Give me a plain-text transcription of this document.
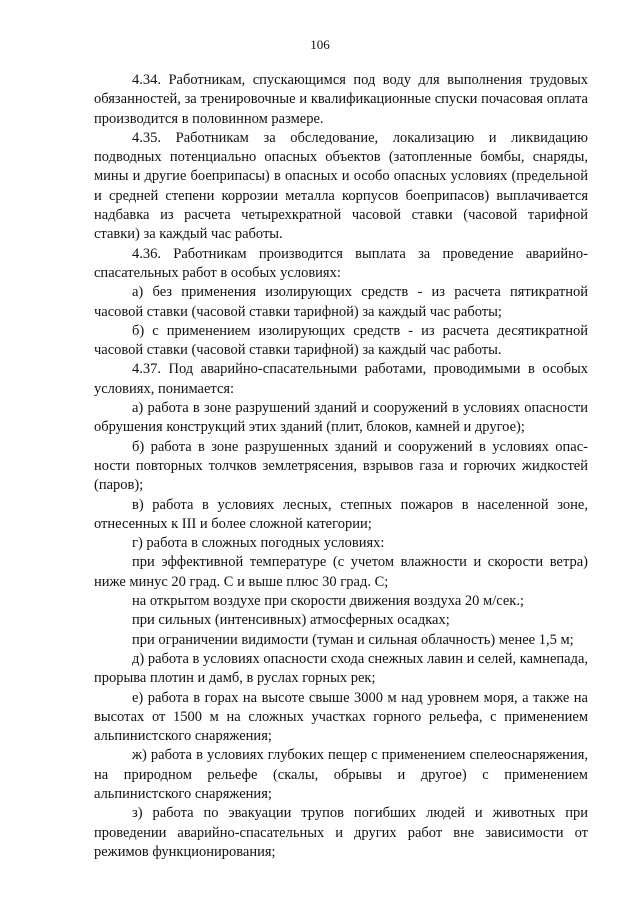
106

4.34. Работникам, спускающимся под воду для выполнения трудовых обязанностей, за тренировочные и квалификационные спуски почасовая оплата производится в половинном размере.

4.35. Работникам за обследование, локализацию и ликвидацию подводных потенциально опасных объектов (затопленные бомбы, снаряды, мины и другие боеприпасы) в опасных и особо опасных условиях (предельной и средней степени коррозии металла корпусов боеприпасов) выплачивается надбавка из расчета четырехкратной часовой ставки (часовой тарифной ставки) за каждый час работы.

4.36. Работникам производится выплата за проведение аварийно-спасательных работ в особых условиях:

а) без применения изолирующих средств - из расчета пятикратной часовой ставки (часовой ставки тарифной) за каждый час работы;

б) с применением изолирующих средств - из расчета десятикратной часовой ставки (часовой ставки тарифной) за каждый час работы.

4.37. Под аварийно-спасательными работами, проводимыми в особых условиях, понимается:

а) работа в зоне разрушений зданий и сооружений в условиях опасности обрушения конструкций этих зданий (плит, блоков, камней и другое);

б) работа в зоне разрушенных зданий и сооружений в условиях опасности повторных толчков землетрясения, взрывов газа и горючих жидкостей (паров);

в) работа в условиях лесных, степных пожаров в населенной зоне, отнесенных к III и более сложной категории;

г) работа в сложных погодных условиях:

при эффективной температуре (с учетом влажности и скорости ветра) ниже минус 20 град. С и выше плюс 30 град. С;

на открытом воздухе при скорости движения воздуха 20 м/сек.;

при сильных (интенсивных) атмосферных осадках;

при ограничении видимости (туман и сильная облачность) менее 1,5 м;

д) работа в условиях опасности схода снежных лавин и селей, камнепада, прорыва плотин и дамб, в руслах горных рек;

е) работа в горах на высоте свыше 3000 м над уровнем моря, а также на высотах от 1500 м на сложных участках горного рельефа, с применением альпинистского снаряжения;

ж) работа в условиях глубоких пещер с применением спелеоснаряжения, на природном рельефе (скалы, обрывы и другое) с применением альпинистского снаряжения;

з) работа по эвакуации трупов погибших людей и животных при проведении аварийно-спасательных и других работ вне зависимости от режимов функционирования;
